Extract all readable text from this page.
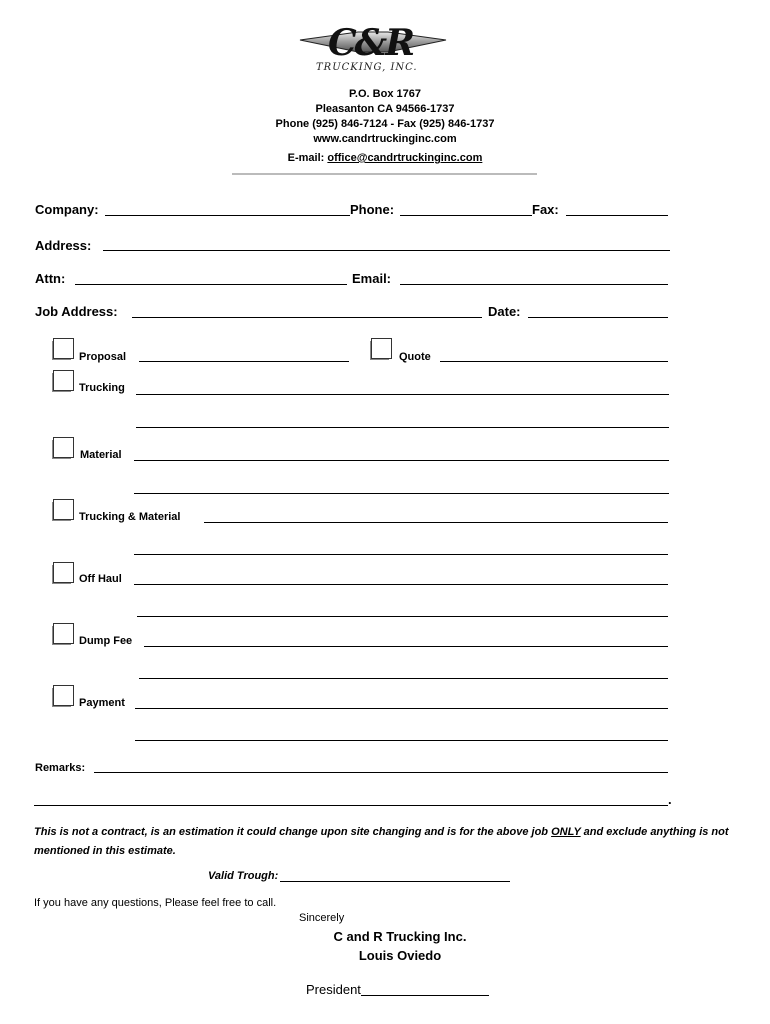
C&R
TRUCKING, INC.
P.O. Box 1767
Pleasanton CA 94566-1737
Phone (925) 846-7124 - Fax (925) 846-1737
www.candrtruckinginc.com
E-mail: office@candrtruckinginc.com
Company:	Phone:	Fax:
Address:
Attn:	Email:
Job Address:	Date:
Proposal	Quote
Trucking
Material
Trucking & Material
Off Haul
Dump Fee
Payment
Remarks:
.
This is not a contract, is an estimation it could change upon site changing and is for the above job ONLY and exclude anything is not
mentioned in this estimate.
Valid Trough:
If you have any questions, Please feel free to call.
Sincerely
C and R Trucking Inc.
Louis Oviedo
President
